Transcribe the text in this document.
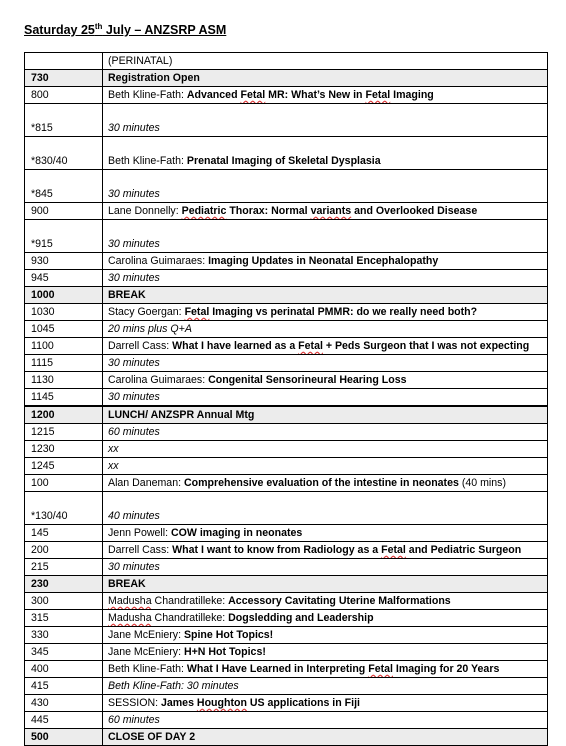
Saturday 25th July – ANZSRP ASM
	(PERINATAL)
730	Registration Open
800	Beth Kline-Fath: Advanced Fetal MR: What’s New in Fetal Imaging
*815	30 minutes
*830/40	Beth Kline-Fath: Prenatal Imaging of Skeletal Dysplasia
*845	30 minutes
900	Lane Donnelly: Pediatric Thorax: Normal variants and Overlooked Disease
*915	30 minutes
930	Carolina Guimaraes: Imaging Updates in Neonatal Encephalopathy
945	30 minutes
1000	BREAK
1030	Stacy Goergan: Fetal Imaging vs perinatal PMMR: do we really need both?
1045	20 mins plus Q+A
1100	Darrell Cass: What I have learned as a Fetal + Peds Surgeon that I was not expecting
1115	30 minutes
1130	Carolina Guimaraes: Congenital Sensorineural Hearing Loss
1145	30 minutes
1200	LUNCH/ ANZSPR Annual Mtg
1215	60 minutes
1230	xx
1245	xx
100	Alan Daneman: Comprehensive evaluation of the intestine in neonates (40 mins)
*130/40	40 minutes
145	Jenn Powell: COW imaging in neonates
200	Darrell Cass: What I want to know from Radiology as a Fetal and Pediatric Surgeon
215	30 minutes
230	BREAK
300	Madusha Chandratilleke: Accessory Cavitating Uterine Malformations
315	Madusha Chandratilleke: Dogsledding and Leadership
330	Jane McEniery: Spine Hot Topics!
345	Jane McEniery: H+N Hot Topics!
400	Beth Kline-Fath: What I Have Learned in Interpreting Fetal Imaging for 20 Years
415	Beth Kline-Fath: 30 minutes
430	SESSION: James Houghton US applications in Fiji
445	60 minutes
500	CLOSE OF DAY 2
